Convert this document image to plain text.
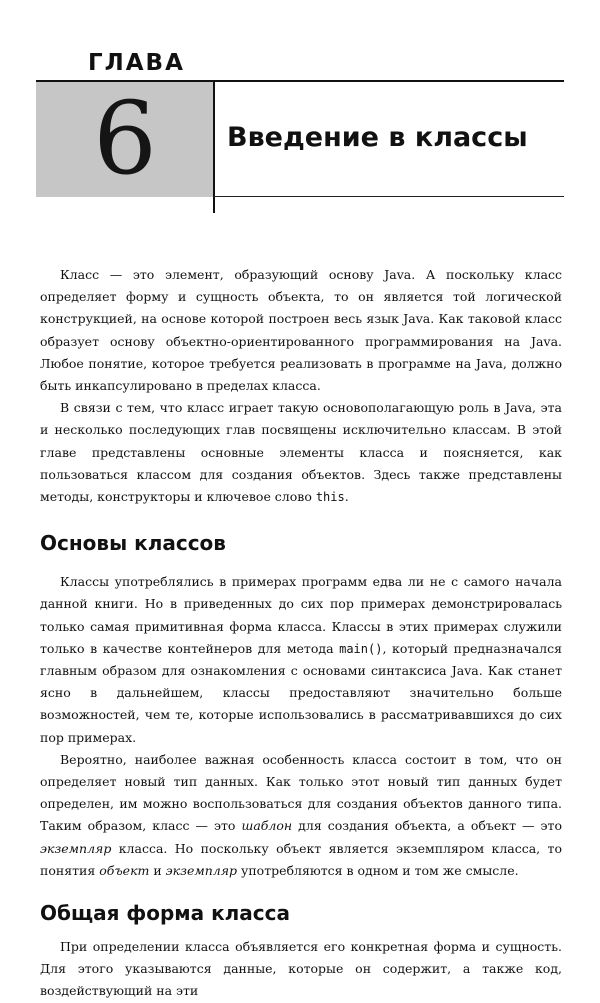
ГЛАВА
6	Введение в классы

Класс — это элемент, образующий основу Java. А поскольку класс определяет форму и сущность объекта, то он является той логической конструкцией, на основе которой построен весь язык Java. Как таковой класс образует основу объектно-ориентированного программирования на Java. Любое понятие, которое требуется реализовать в программе на Java, должно быть инкапсулировано в пределах класса.

В связи с тем, что класс играет такую основополагающую роль в Java, эта и несколько последующих глав посвящены исключительно классам. В этой главе представлены основные элементы класса и поясняется, как пользоваться классом для создания объектов. Здесь также представлены методы, конструкторы и ключевое слово this.

Основы классов

Классы употреблялись в примерах программ едва ли не с самого начала данной книги. Но в приведенных до сих пор примерах демонстрировалась только самая примитивная форма класса. Классы в этих примерах служили только в качестве контейнеров для метода main(), который предназначался главным образом для ознакомления с основами синтаксиса Java. Как станет ясно в дальнейшем, классы предоставляют значительно больше возможностей, чем те, которые использовались в рассматривавшихся до сих пор примерах.

Вероятно, наиболее важная особенность класса состоит в том, что он определяет новый тип данных. Как только этот новый тип данных будет определен, им можно воспользоваться для создания объектов данного типа. Таким образом, класс — это шаблон для создания объекта, а объект — это экземпляр класса. Но поскольку объект является экземпляром класса, то понятия объект и экземпляр употребляются в одном и том же смысле.

Общая форма класса

При определении класса объявляется его конкретная форма и сущность. Для этого указываются данные, которые он содержит, а также код, воздействующий на эти
